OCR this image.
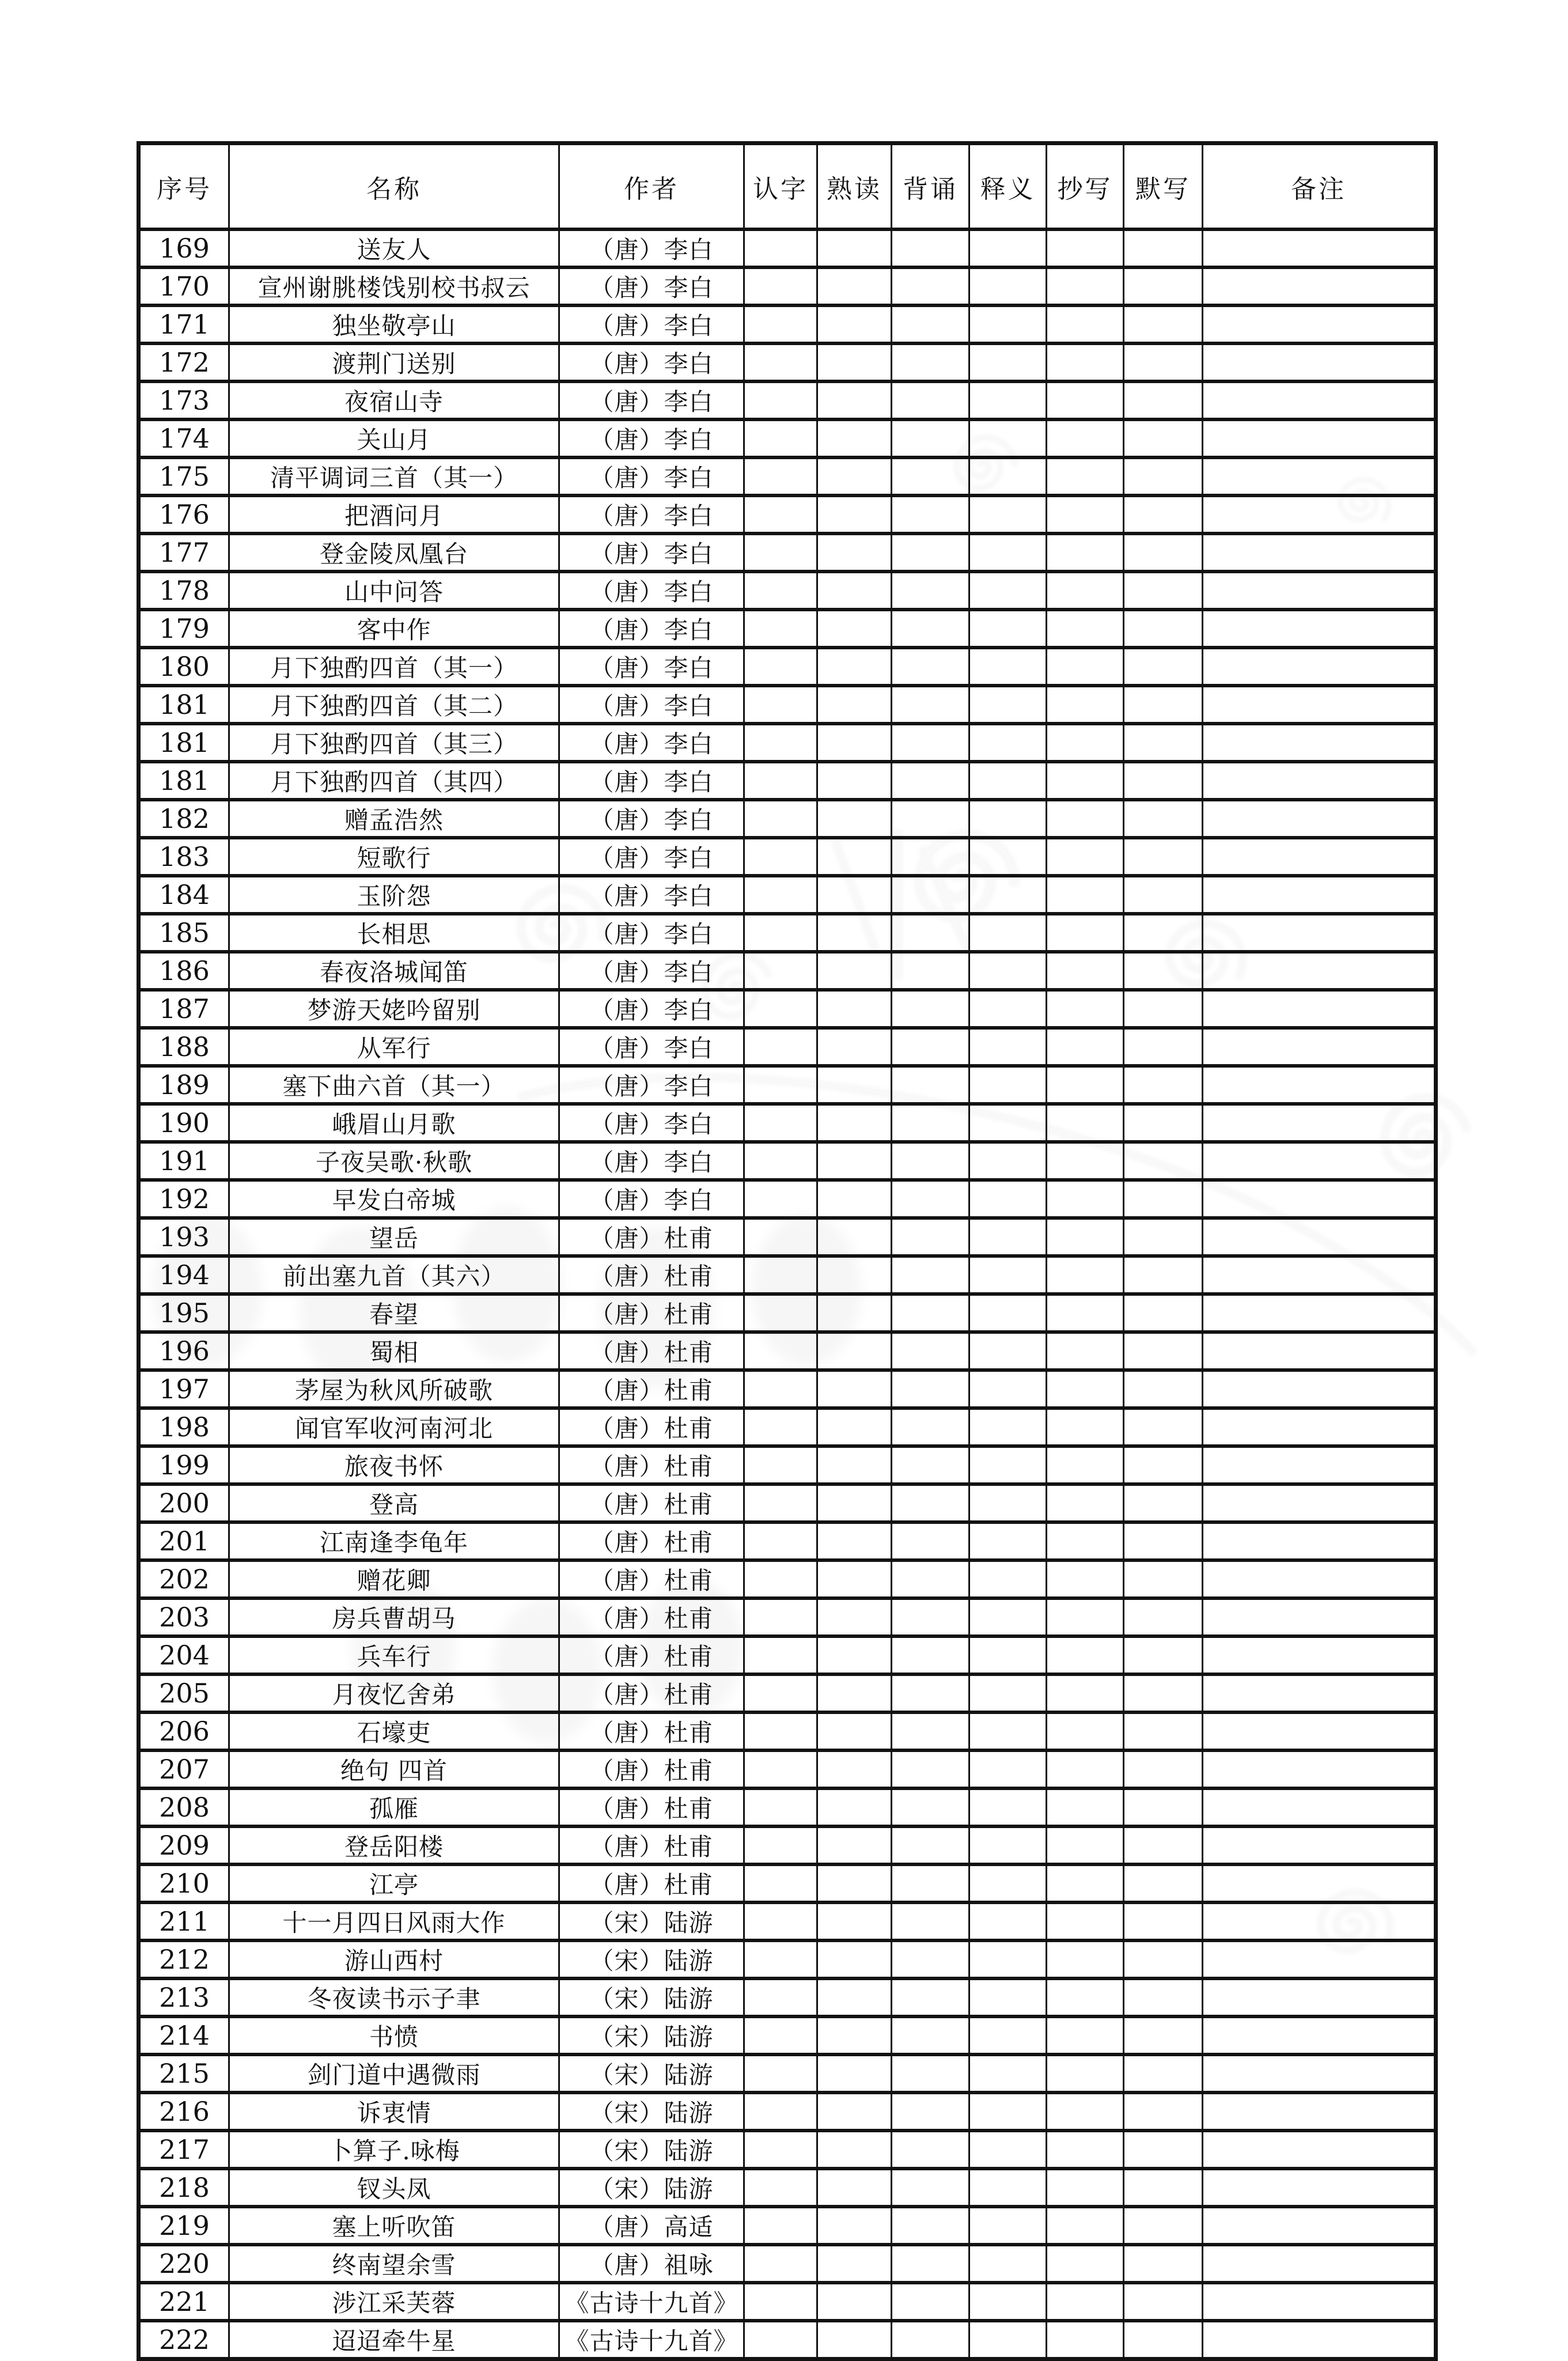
序号	名称	作者	认字	熟读	背诵	释义	抄写	默写	备注
169	送友人	（唐）李白							
170	宣州谢朓楼饯别校书叔云	（唐）李白							
171	独坐敬亭山	（唐）李白							
172	渡荆门送别	（唐）李白							
173	夜宿山寺	（唐）李白							
174	关山月	（唐）李白							
175	清平调词三首（其一）	（唐）李白							
176	把酒问月	（唐）李白							
177	登金陵凤凰台	（唐）李白							
178	山中问答	（唐）李白							
179	客中作	（唐）李白							
180	月下独酌四首（其一）	（唐）李白							
181	月下独酌四首（其二）	（唐）李白							
181	月下独酌四首（其三）	（唐）李白							
181	月下独酌四首（其四）	（唐）李白							
182	赠孟浩然	（唐）李白							
183	短歌行	（唐）李白							
184	玉阶怨	（唐）李白							
185	长相思	（唐）李白							
186	春夜洛城闻笛	（唐）李白							
187	梦游天姥吟留别	（唐）李白							
188	从军行	（唐）李白							
189	塞下曲六首（其一）	（唐）李白							
190	峨眉山月歌	（唐）李白							
191	子夜吴歌·秋歌	（唐）李白							
192	早发白帝城	（唐）李白							
193	望岳	（唐）杜甫							
194	前出塞九首（其六）	（唐）杜甫							
195	春望	（唐）杜甫							
196	蜀相	（唐）杜甫							
197	茅屋为秋风所破歌	（唐）杜甫							
198	闻官军收河南河北	（唐）杜甫							
199	旅夜书怀	（唐）杜甫							
200	登高	（唐）杜甫							
201	江南逢李龟年	（唐）杜甫							
202	赠花卿	（唐）杜甫							
203	房兵曹胡马	（唐）杜甫							
204	兵车行	（唐）杜甫							
205	月夜忆舍弟	（唐）杜甫							
206	石壕吏	（唐）杜甫							
207	绝句 四首	（唐）杜甫							
208	孤雁	（唐）杜甫							
209	登岳阳楼	（唐）杜甫							
210	江亭	（唐）杜甫							
211	十一月四日风雨大作	（宋）陆游							
212	游山西村	（宋）陆游							
213	冬夜读书示子聿	（宋）陆游							
214	书愤	（宋）陆游							
215	剑门道中遇微雨	（宋）陆游							
216	诉衷情	（宋）陆游							
217	卜算子.咏梅	（宋）陆游							
218	钗头凤	（宋）陆游							
219	塞上听吹笛	（唐）高适							
220	终南望余雪	（唐）祖咏							
221	涉江采芙蓉	《古诗十九首》							
222	迢迢牵牛星	《古诗十九首》							
